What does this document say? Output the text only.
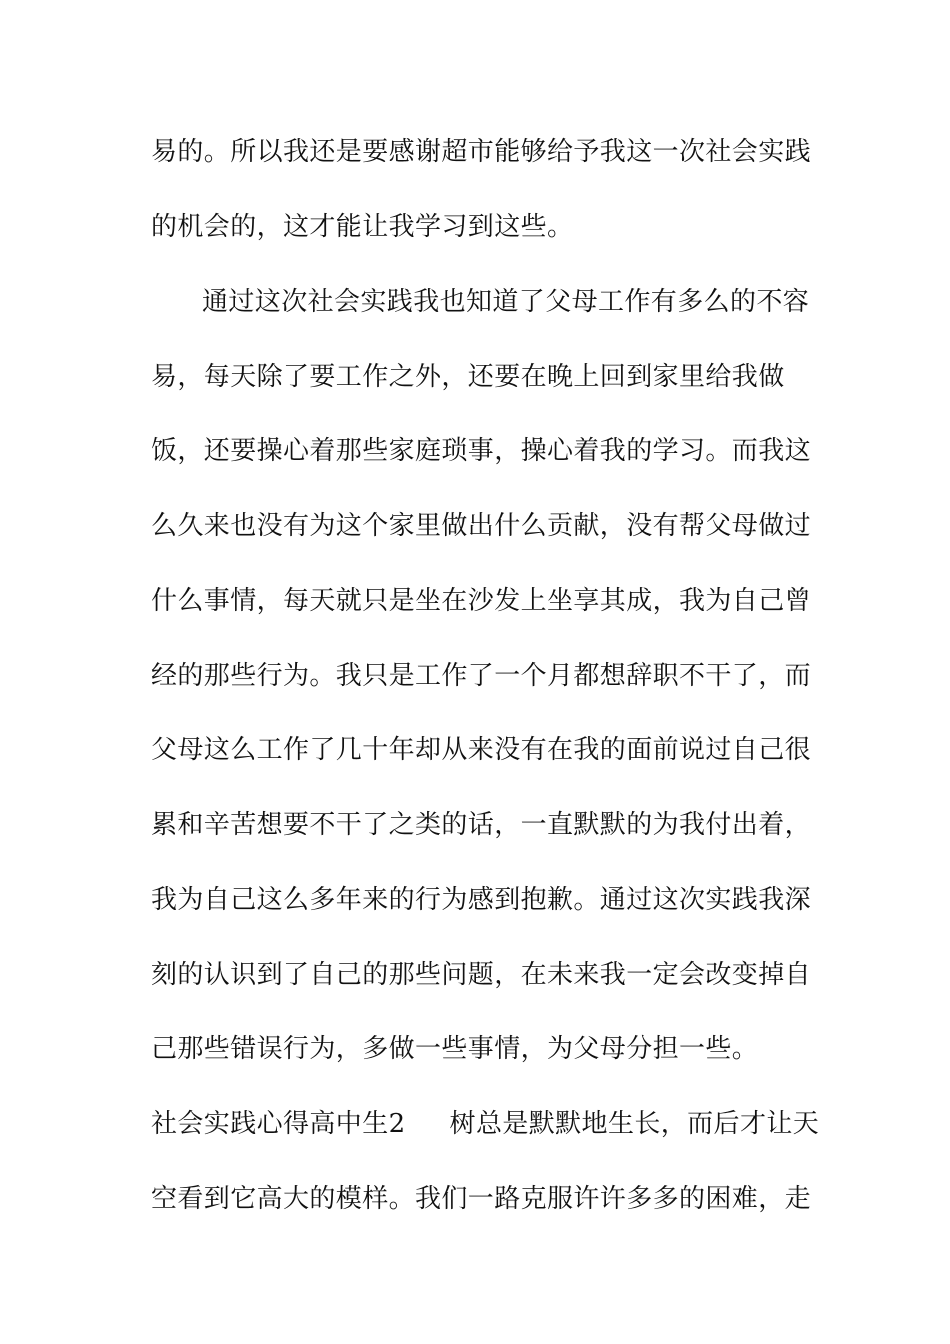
易的。所以我还是要感谢超市能够给予我这一次社会实践
的机会的，这才能让我学习到这些。
通过这次社会实践我也知道了父母工作有多么的不容
易，每天除了要工作之外，还要在晚上回到家里给我做
饭，还要操心着那些家庭琐事，操心着我的学习。而我这
么久来也没有为这个家里做出什么贡献，没有帮父母做过
什么事情，每天就只是坐在沙发上坐享其成，我为自己曾
经的那些行为。我只是工作了一个月都想辞职不干了，而
父母这么工作了几十年却从来没有在我的面前说过自己很
累和辛苦想要不干了之类的话，一直默默的为我付出着，
我为自己这么多年来的行为感到抱歉。通过这次实践我深
刻的认识到了自己的那些问题，在未来我一定会改变掉自
己那些错误行为，多做一些事情，为父母分担一些。
社会实践心得高中生2 树总是默默地生长，而后才让天
空看到它高大的模样。我们一路克服许许多多的困难，走
